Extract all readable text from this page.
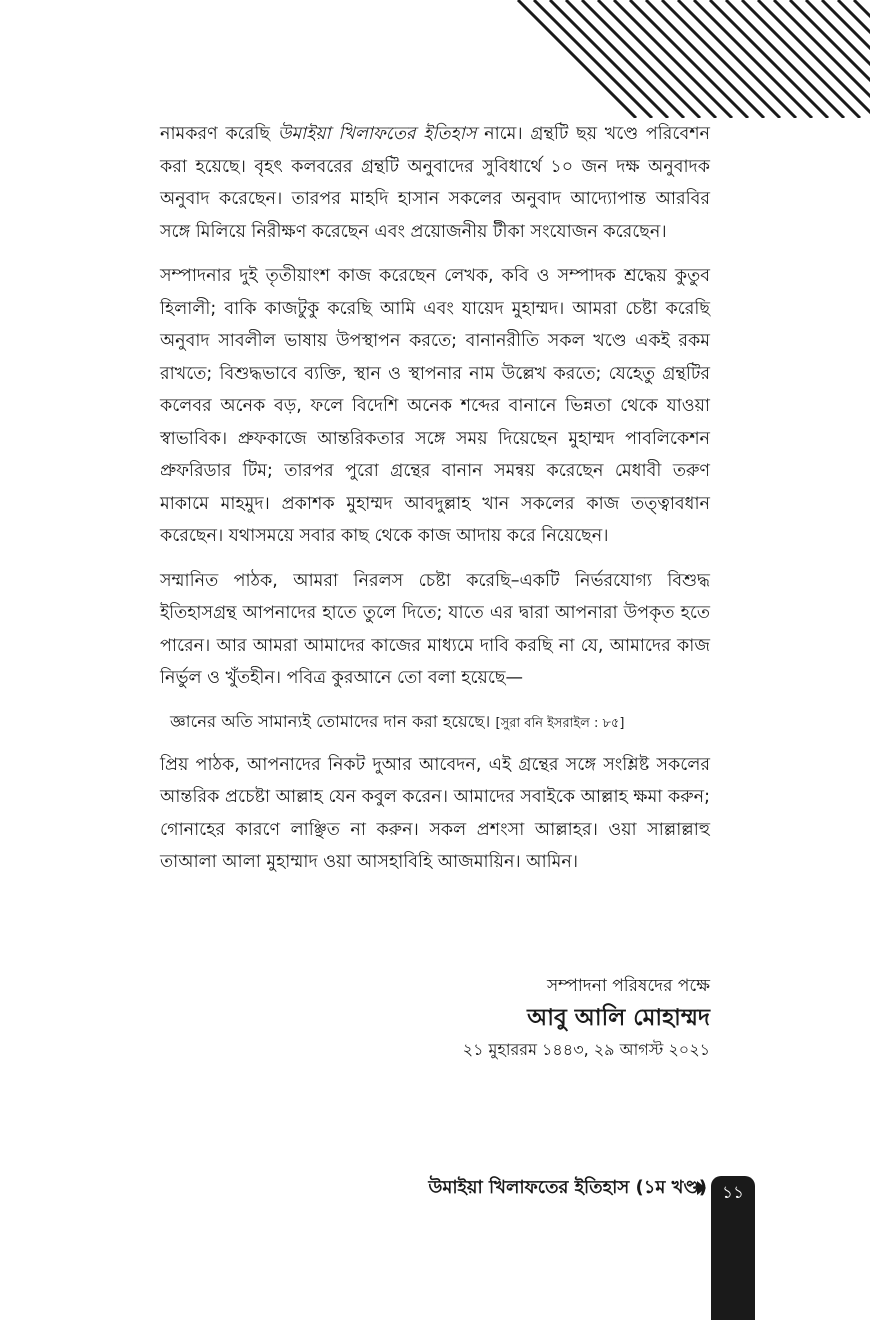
নামকরণ করেছি উমাইয়া খিলাফতের ইতিহাস নামে। গ্রন্থটি ছয় খণ্ডে পরিবেশন করা হয়েছে। বৃহৎ কলবরের গ্রন্থটি অনুবাদের সুবিধার্থে ১০ জন দক্ষ অনুবাদক অনুবাদ করেছেন। তারপর মাহদি হাসান সকলের অনুবাদ আদ্যোপান্ত আরবির সঙ্গে মিলিয়ে নিরীক্ষণ করেছেন এবং প্রয়োজনীয় টীকা সংযোজন করেছেন।

সম্পাদনার দুই তৃতীয়াংশ কাজ করেছেন লেখক, কবি ও সম্পাদক শ্রদ্ধেয় কুতুব হিলালী; বাকি কাজটুকু করেছি আমি এবং যায়েদ মুহাম্মদ। আমরা চেষ্টা করেছি অনুবাদ সাবলীল ভাষায় উপস্থাপন করতে; বানানরীতি সকল খণ্ডে একই রকম রাখতে; বিশুদ্ধভাবে ব্যক্তি, স্থান ও স্থাপনার নাম উল্লেখ করতে; যেহেতু গ্রন্থটির কলেবর অনেক বড়, ফলে বিদেশি অনেক শব্দের বানানে ভিন্নতা থেকে যাওয়া স্বাভাবিক। প্রুফকাজে আন্তরিকতার সঙ্গে সময় দিয়েছেন মুহাম্মদ পাবলিকেশন প্রুফরিডার টিম; তারপর পুরো গ্রন্থের বানান সমন্বয় করেছেন মেধাবী তরুণ মাকামে মাহমুদ। প্রকাশক মুহাম্মদ আবদুল্লাহ খান সকলের কাজ তত্ত্বাবধান করেছেন। যথাসময়ে সবার কাছ থেকে কাজ আদায় করে নিয়েছেন।

সম্মানিত পাঠক, আমরা নিরলস চেষ্টা করেছি–একটি নির্ভরযোগ্য বিশুদ্ধ ইতিহাসগ্রন্থ আপনাদের হাতে তুলে দিতে; যাতে এর দ্বারা আপনারা উপকৃত হতে পারেন। আর আমরা আমাদের কাজের মাধ্যমে দাবি করছি না যে, আমাদের কাজ নির্ভুল ও খুঁতহীন। পবিত্র কুরআনে তো বলা হয়েছে—

জ্ঞানের অতি সামান্যই তোমাদের দান করা হয়েছে। [সুরা বনি ইসরাইল : ৮৫]

প্রিয় পাঠক, আপনাদের নিকট দুআর আবেদন, এই গ্রন্থের সঙ্গে সংশ্লিষ্ট সকলের আন্তরিক প্রচেষ্টা আল্লাহ যেন কবুল করেন। আমাদের সবাইকে আল্লাহ ক্ষমা করুন; গোনাহের কারণে লাঞ্ছিত না করুন। সকল প্রশংসা আল্লাহর। ওয়া সাল্লাল্লাহু তাআলা আলা মুহাম্মাদ ওয়া আসহাবিহি আজমায়িন। আমিন।

সম্পাদনা পরিষদের পক্ষে
আবু আলি মোহাম্মদ
২১ মুহাররম ১৪৪৩, ২৯ আগস্ট ২০২১
উমাইয়া খিলাফতের ইতিহাস (১ম খণ্ড) ১১
